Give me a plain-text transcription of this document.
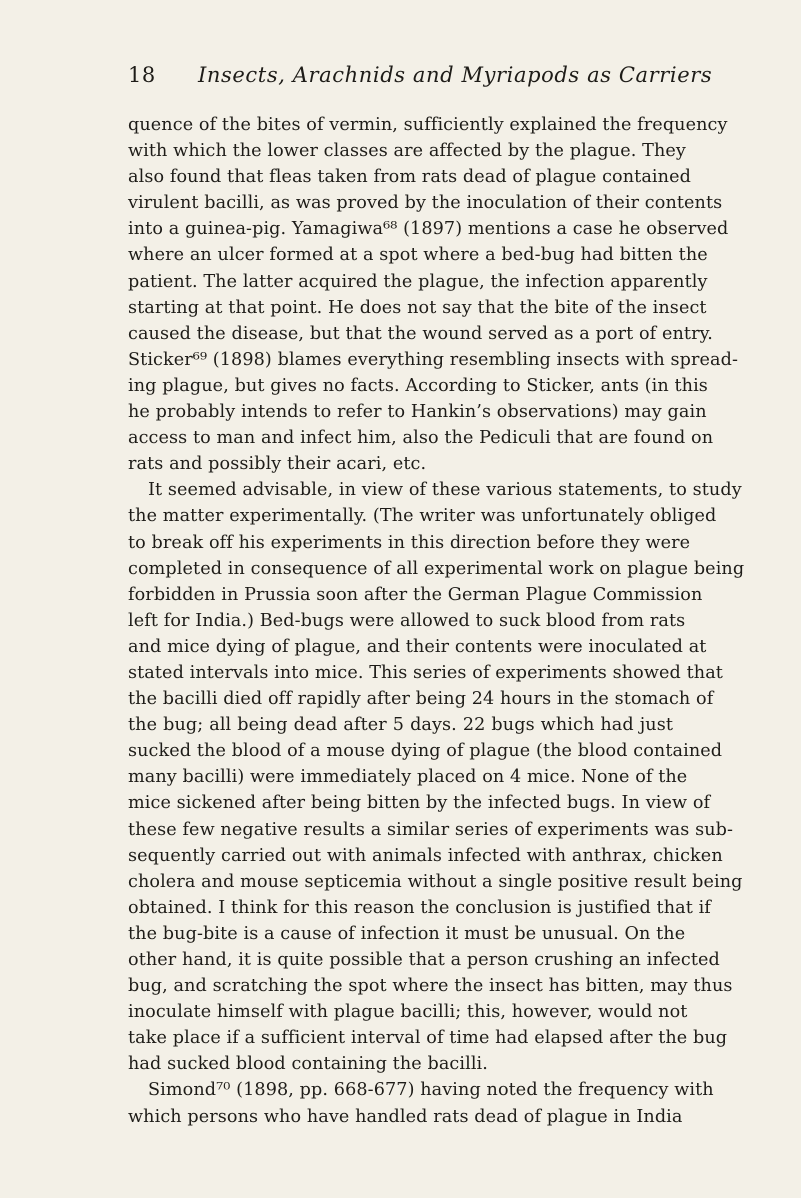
18 Insects, Arachnids and Myriapods as Carriers
quence of the bites of vermin, sufficiently explained the frequency
with which the lower classes are affected by the plague. They
also found that fleas taken from rats dead of plague contained
virulent bacilli, as was proved by the inoculation of their contents
into a guinea-pig. Yamagiwa⁶⁸ (1897) mentions a case he observed
where an ulcer formed at a spot where a bed-bug had bitten the
patient. The latter acquired the plague, the infection apparently
starting at that point. He does not say that the bite of the insect
caused the disease, but that the wound served as a port of entry.
Sticker⁶⁹ (1898) blames everything resembling insects with spread-
ing plague, but gives no facts. According to Sticker, ants (in this
he probably intends to refer to Hankin’s observations) may gain
access to man and infect him, also the Pediculi that are found on
rats and possibly their acari, etc.
It seemed advisable, in view of these various statements, to study
the matter experimentally. (The writer was unfortunately obliged
to break off his experiments in this direction before they were
completed in consequence of all experimental work on plague being
forbidden in Prussia soon after the German Plague Commission
left for India.) Bed-bugs were allowed to suck blood from rats
and mice dying of plague, and their contents were inoculated at
stated intervals into mice. This series of experiments showed that
the bacilli died off rapidly after being 24 hours in the stomach of
the bug; all being dead after 5 days. 22 bugs which had just
sucked the blood of a mouse dying of plague (the blood contained
many bacilli) were immediately placed on 4 mice. None of the
mice sickened after being bitten by the infected bugs. In view of
these few negative results a similar series of experiments was sub-
sequently carried out with animals infected with anthrax, chicken
cholera and mouse septicemia without a single positive result being
obtained. I think for this reason the conclusion is justified that if
the bug-bite is a cause of infection it must be unusual. On the
other hand, it is quite possible that a person crushing an infected
bug, and scratching the spot where the insect has bitten, may thus
inoculate himself with plague bacilli; this, however, would not
take place if a sufficient interval of time had elapsed after the bug
had sucked blood containing the bacilli.
Simond⁷⁰ (1898, pp. 668-677) having noted the frequency with
which persons who have handled rats dead of plague in India
